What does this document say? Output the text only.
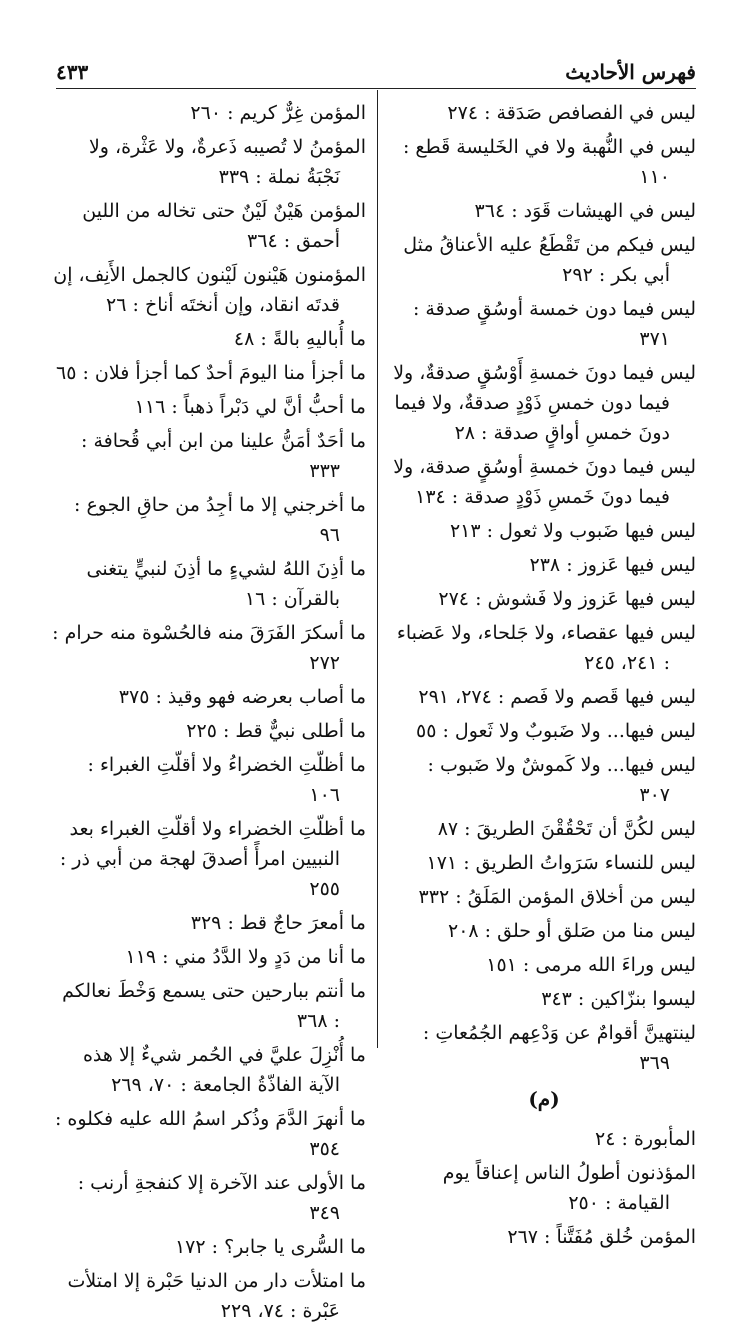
فهرس الأحاديث
٤٣٣

ليس في الفصافص صَدَقة : ٢٧٤

ليس في النُّهبة ولا في الخَليسة قَطع : ١١٠

ليس في الهيشات قَوَد : ٣٦٤

ليس فيكم من تَقْطَعُ عليه الأعناقُ مثل أبي بكر : ٢٩٢

ليس فيما دون خمسة أوسُقٍ صدقة : ٣٧١

ليس فيما دونَ خمسةِ أَوْسُقٍ صدقةٌ، ولا فيما دون خمسِ ذَوْدٍ صدقةٌ، ولا فيما دونَ خمسِ أواقٍ صدقة : ٢٨

ليس فيما دونَ خمسةِ أوسُقٍ صدقة، ولا فيما دونَ خَمسِ ذَوْدٍ صدقة : ١٣٤

ليس فيها ضَبوب ولا ثعول : ٢١٣

ليس فيها عَزوز : ٢٣٨

ليس فيها عَزوز ولا فَشوش : ٢٧٤

ليس فيها عقصاء، ولا جَلحاء، ولا عَضباء : ٢٤١، ٢٤٥

ليس فيها قَصم ولا فَصم : ٢٧٤، ٢٩١

ليس فيها... ولا ضَبوبٌ ولا ثَعول : ٥٥

ليس فيها... ولا كَموشٌ ولا ضَبوب : ٣٠٧

ليس لكُنَّ أن تَحْقُقْنَ الطريقَ : ٨٧

ليس للنساء سَرَواتُ الطريق : ١٧١

ليس من أخلاق المؤمن المَلَقُ : ٣٣٢

ليس منا من صَلق أو حلق : ٢٠٨

ليس وراءَ الله مرمى : ١٥١

ليسوا بنزّاكين : ٣٤٣

لينتهينَّ أقوامٌ عن وَدْعِهم الجُمُعاتِ : ٣٦٩

(م)

المأبورة : ٢٤

المؤذنون أطولُ الناس إعناقاً يوم القيامة : ٢٥٠

المؤمن خُلق مُفَتَّناً : ٢٦٧

المؤمن غِرٌّ كريم : ٢٦٠

المؤمنُ لا تُصيبه ذَعرةٌ، ولا عَثْرة، ولا نَجْبَةُ نملة : ٣٣٩

المؤمن هَيْنٌ لَيْنٌ حتى تخاله من اللين أحمق : ٣٦٤

المؤمنون هَيْنون لَيْنون كالجمل الأَنِف، إن قدتَه انقاد، وإن أنختَه أناخ : ٢٦

ما أُباليهِ بالةً : ٤٨

ما أجزأ منا اليومَ أحدٌ كما أجزأ فلان : ٦٥

ما أحبُّ أنَّ لي دَبْراً ذهباً : ١١٦

ما أحَدٌ أمَنُّ علينا من ابن أبي قُحافة : ٣٣٣

ما أخرجني إلا ما أجِدُ من حاقِ الجوع : ٩٦

ما أذِنَ اللهُ لشيءٍ ما أذِنَ لنبيٍّ يتغنى بالقرآن : ١٦

ما أسكرَ الفَرَقَ منه فالحُسْوة منه حرام : ٢٧٢

ما أصاب بعرضه فهو وقيذ : ٣٧٥

ما أطلى نبيٌّ قط : ٢٢٥

ما أظلّتِ الخضراءُ ولا أقلّتِ الغبراء : ١٠٦

ما أظلّتِ الخضراء ولا أقلّتِ الغبراء بعد النبيين امرأً أصدقَ لهجة من أبي ذر : ٢٥٥

ما أمعرَ حاجٌ قط : ٣٢٩

ما أنا من دَدٍ ولا الدَّدُ مني : ١١٩

ما أنتم ببارحين حتى يسمع وَخْطَ نعالكم : ٣٦٨

ما أُنْزِلَ عليَّ في الحُمر شيءٌ إلا هذه الآية الفاذّةُ الجامعة : ٧٠، ٢٦٩

ما أنهرَ الدَّمَ وذُكر اسمُ الله عليه فكلوه : ٣٥٤

ما الأولى عند الآخرة إلا كنفجةِ أرنب : ٣٤٩

ما السُّرى يا جابر؟ : ١٧٢

ما امتلأت دار من الدنيا حَبْرة إلا امتلأت عَبْرة : ٧٤، ٢٢٩
